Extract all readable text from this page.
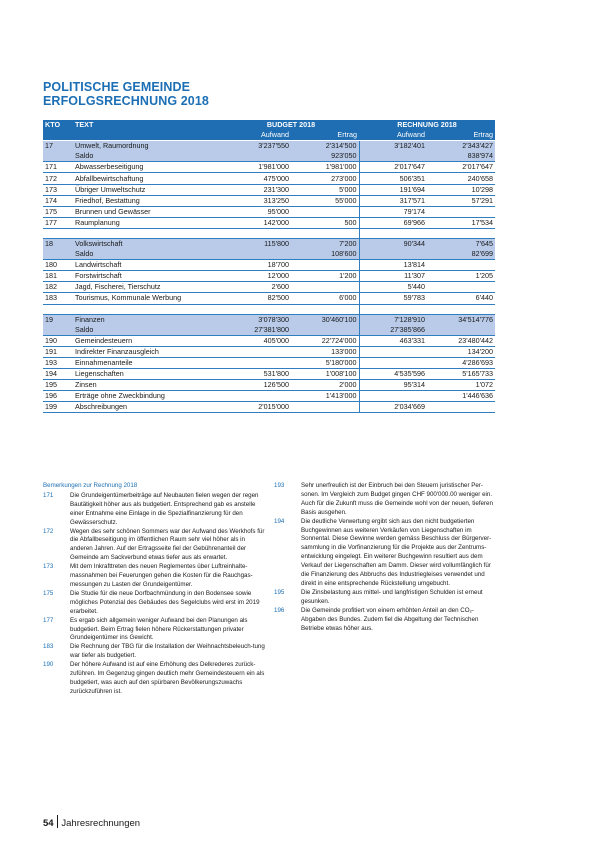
POLITISCHE GEMEINDE
ERFOLGSRECHNUNG 2018
KTO	TEXT	BUDGET 2018		RECHNUNG 2018	
		Aufwand	Ertrag	Aufwand	Ertrag
17	Umwelt, Raumordnung	3'237'550	2'314'500	3'182'401	2'343'427
	Saldo		923'050		838'974
171	Abwasserbeseitigung	1'981'000	1'981'000	2'017'647	2'017'647
172	Abfallbewirtschaftung	475'000	273'000	506'351	240'658
173	Übriger Umweltschutz	231'300	5'000	191'694	10'298
174	Friedhof, Bestattung	313'250	55'000	317'571	57'291
175	Brunnen und Gewässer	95'000		79'174	
177	Raumplanung	142'000	500	69'966	17'534

18	Volkswirtschaft	115'800	7'200	90'344	7'645
	Saldo		108'600		82'699
180	Landwirtschaft	18'700		13'814	
181	Forstwirtschaft	12'000	1'200	11'307	1'205
182	Jagd, Fischerei, Tierschutz	2'600		5'440	
183	Tourismus, Kommunale Werbung	82'500	6'000	59'783	6'440

19	Finanzen	3'078'300	30'460'100	7'128'910	34'514'776
	Saldo	27'381'800		27'385'866	
190	Gemeindesteuern	405'000	22'724'000	463'331	23'480'442
191	Indirekter Finanzausgleich		133'000		134'200
193	Einnahmenanteile		5'180'000		4'286'693
194	Liegenschaften	531'800	1'008'100	4'535'596	5'165'733
195	Zinsen	126'500	2'000	95'314	1'072
196	Erträge ohne Zweckbindung		1'413'000		1'446'636
199	Abschreibungen	2'015'000		2'034'669	
Bemerkungen zur Rechnung 2018
171	Die Grundeigentümerbeiträge auf Neubauten fielen wegen der regen Bautätigkeit höher aus als budgetiert. Entsprechend gab es anstelle einer Entnahme eine Einlage in die Spezialfinanzierung für den Gewässerschutz.
172	Wegen des sehr schönen Sommers war der Aufwand des Werkhofs für die Abfallbeseitigung im öffentlichen Raum sehr viel höher als in anderen Jahren. Auf der Ertragsseite fiel der Gebührenanteil der Gemeinde am Sackverbund etwas tiefer aus als erwartet.
173	Mit dem Inkrafttreten des neuen Reglementes über Luftreinhalte-massnahmen bei Feuerungen gehen die Kosten für die Rauchgas-messungen zu Lasten der Grundeigentümer.
175	Die Studie für die neue Dorfbachmündung in den Bodensee sowie mögliches Potenzial des Gebäudes des Segelclubs wird erst im 2019 erarbeitet.
177	Es ergab sich allgemein weniger Aufwand bei den Planungen als budgetiert. Beim Ertrag fielen höhere Rückerstattungen privater Grundeigentümer ins Gewicht.
183	Die Rechnung der TBG für die Installation der Weihnachtsbeleuch-tung war tiefer als budgetiert.
190	Der höhere Aufwand ist auf eine Erhöhung des Delkrederes zurück-zuführen. Im Gegenzug gingen deutlich mehr Gemeindesteuern ein als budgetiert, was auch auf den spürbaren Bevölkerungszuwachs zurückzuführen ist.
193	Sehr unerfreulich ist der Einbruch bei den Steuern juristischer Per-sonen. Im Vergleich zum Budget gingen CHF 900'000.00 weniger ein. Auch für die Zukunft muss die Gemeinde wohl von der neuen, tieferen Basis ausgehen.
194	Die deutliche Verwertung ergibt sich aus den nicht budgetierten Buchgewinnen aus weiteren Verkäufen von Liegenschaften im Sonnental. Diese Gewinne werden gemäss Beschluss der Bürgerver-sammlung in die Vorfinanzierung für die Projekte aus der Zentrums-entwicklung eingelegt. Ein weiterer Buchgewinn resultiert aus dem Verkauf der Liegenschaften am Damm. Dieser wird vollumfänglich für die Finanzierung des Abbruchs des Industriegleises verwendet und direkt in eine entsprechende Rückstellung umgebucht.
195	Die Zinsbelastung aus mittel- und langfristigen Schulden ist erneut gesunken.
196	Die Gemeinde profitiert von einem erhöhten Anteil an den CO₂-Abgaben des Bundes. Zudem fiel die Abgeltung der Technischen Betriebe etwas höher aus.
54 Jahresrechnungen
